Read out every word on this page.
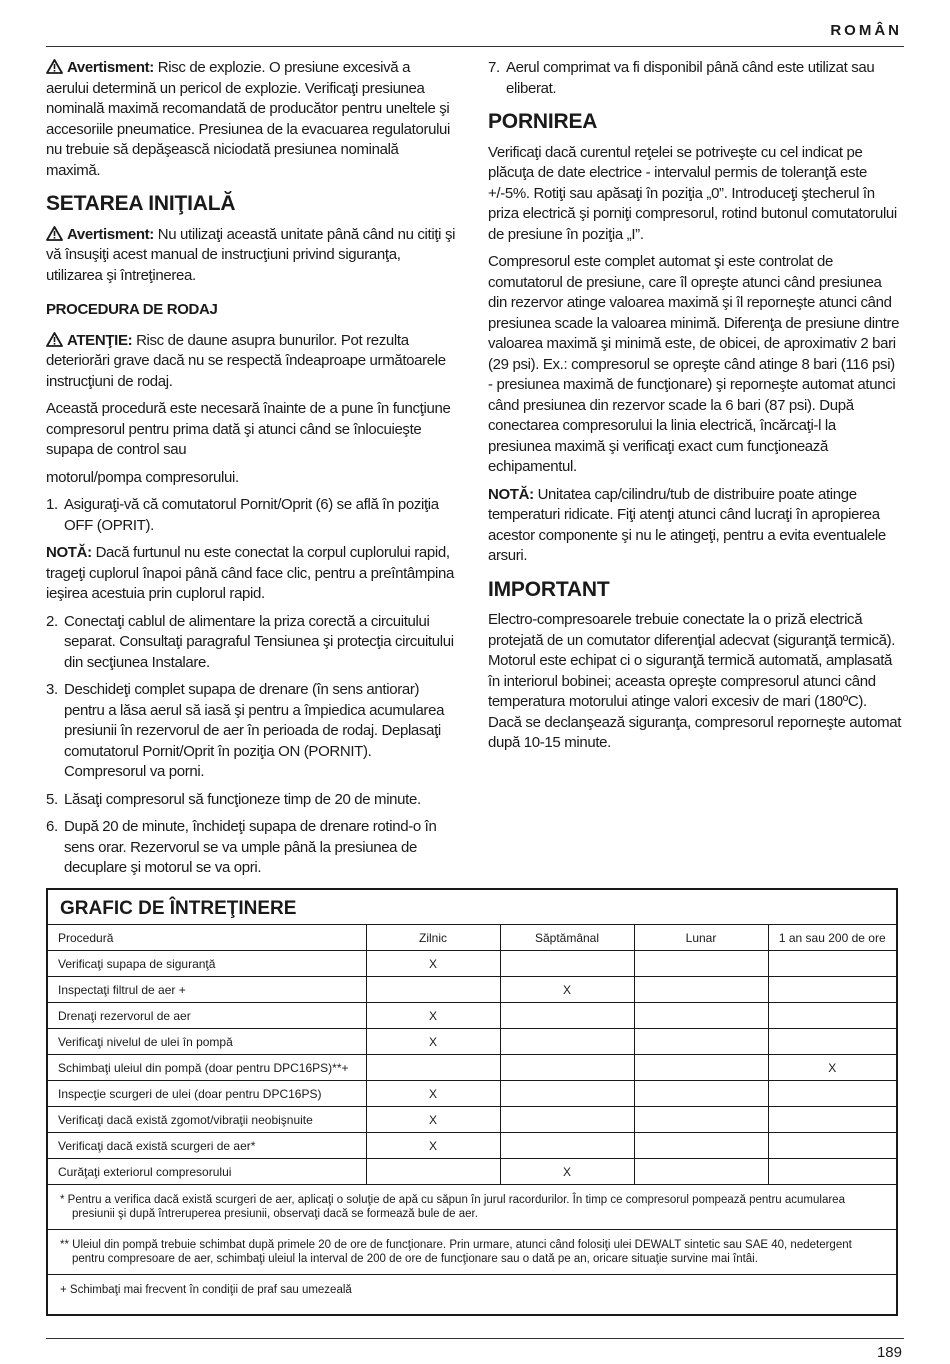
ROMÂN

Avertisment: Risc de explozie. O presiune excesivă a aerului determină un pericol de explozie. Verificaţi presiunea nominală maximă recomandată de producător pentru uneltele şi accesoriile pneumatice. Presiunea de la evacuarea regulatorului nu trebuie să depăşească niciodată presiunea nominală maximă.

SETAREA INIŢIALĂ

Avertisment: Nu utilizaţi această unitate până când nu citiţi şi vă însuşiţi acest manual de instrucţiuni privind siguranţa, utilizarea şi întreţinerea.

PROCEDURA DE RODAJ

ATENŢIE: Risc de daune asupra bunurilor. Pot rezulta deteriorări grave dacă nu se respectă îndeaproape următoarele instrucţiuni de rodaj.

Această procedură este necesară înainte de a pune în funcţiune compresorul pentru prima dată şi atunci când se înlocuieşte supapa de control sau

motorul/pompa compresorului.

1. Asiguraţi-vă că comutatorul Pornit/Oprit (6) se află în poziţia OFF (OPRIT).

NOTĂ: Dacă furtunul nu este conectat la corpul cuplorului rapid, trageţi cuplorul înapoi până când face clic, pentru a preîntâmpina ieşirea acestuia prin cuplorul rapid.

2. Conectaţi cablul de alimentare la priza corectă a circuitului separat. Consultaţi paragraful Tensiunea şi protecţia circuitului din secţiunea Instalare.

3. Deschideţi complet supapa de drenare (în sens antiorar) pentru a lăsa aerul să iasă şi pentru a împiedica acumularea presiunii în rezervorul de aer în perioada de rodaj. Deplasaţi comutatorul Pornit/Oprit în poziţia ON (PORNIT). Compresorul va porni.

5. Lăsaţi compresorul să funcţioneze timp de 20 de minute.

6. După 20 de minute, închideţi supapa de drenare rotind-o în sens orar. Rezervorul se va umple până la presiunea de decuplare şi motorul se va opri.

7. Aerul comprimat va fi disponibil până când este utilizat sau eliberat.

PORNIREA

Verificaţi dacă curentul reţelei se potriveşte cu cel indicat pe plăcuţa de date electrice - intervalul permis de toleranţă este +/-5%. Rotiţi sau apăsaţi în poziţia „0”. Introduceţi ştecherul în priza electrică şi porniţi compresorul, rotind butonul comutatorului de presiune în poziţia „I”.

Compresorul este complet automat şi este controlat de comutatorul de presiune, care îl opreşte atunci când presiunea din rezervor atinge valoarea maximă şi îl reporneşte atunci când presiunea scade la valoarea minimă. Diferenţa de presiune dintre valoarea maximă şi minimă este, de obicei, de aproximativ 2 bari (29 psi). Ex.: compresorul se opreşte când atinge 8 bari (116 psi) - presiunea maximă de funcţionare) şi reporneşte automat atunci când presiunea din rezervor scade la 6 bari (87 psi). După conectarea compresorului la linia electrică, încărcaţi-l la presiunea maximă şi verificaţi exact cum funcţionează echipamentul.

NOTĂ: Unitatea cap/cilindru/tub de distribuire poate atinge temperaturi ridicate. Fiţi atenţi atunci când lucraţi în apropierea acestor componente şi nu le atingeţi, pentru a evita eventualele arsuri.

IMPORTANT

Electro-compresoarele trebuie conectate la o priză electrică protejată de un comutator diferenţial adecvat (siguranţă termică). Motorul este echipat ci o siguranţă termică automată, amplasată în interiorul bobinei; aceasta opreşte compresorul atunci când temperatura motorului atinge valori excesiv de mari (180ºC). Dacă se declanşează siguranţa, compresorul reporneşte automat după 10-15 minute.

GRAFIC DE ÎNTREŢINERE
Procedură	Zilnic	Săptămânal	Lunar	1 an sau 200 de ore
Verificaţi supapa de siguranţă	X			
Inspectaţi filtrul de aer +		X		
Drenaţi rezervorul de aer	X			
Verificaţi nivelul de ulei în pompă	X			
Schimbaţi uleiul din pompă (doar pentru DPC16PS)**+				X
Inspecţie scurgeri de ulei (doar pentru DPC16PS)	X			
Verificaţi dacă există zgomot/vibraţii neobişnuite	X			
Verificaţi dacă există scurgeri de aer*	X			
Curăţaţi exteriorul compresorului		X		
* Pentru a verifica dacă există scurgeri de aer, aplicaţi o soluţie de apă cu săpun în jurul racordurilor. În timp ce compresorul pompează pentru acumularea presiunii şi după întreruperea presiunii, observaţi dacă se formează bule de aer.
** Uleiul din pompă trebuie schimbat după primele 20 de ore de funcţionare. Prin urmare, atunci când folosiţi ulei DEWALT sintetic sau SAE 40, nedetergent pentru compresoare de aer, schimbaţi uleiul la interval de 200 de ore de funcţionare sau o dată pe an, oricare situaţie survine mai întâi.
+ Schimbaţi mai frecvent în condiţii de praf sau umezeală
189
